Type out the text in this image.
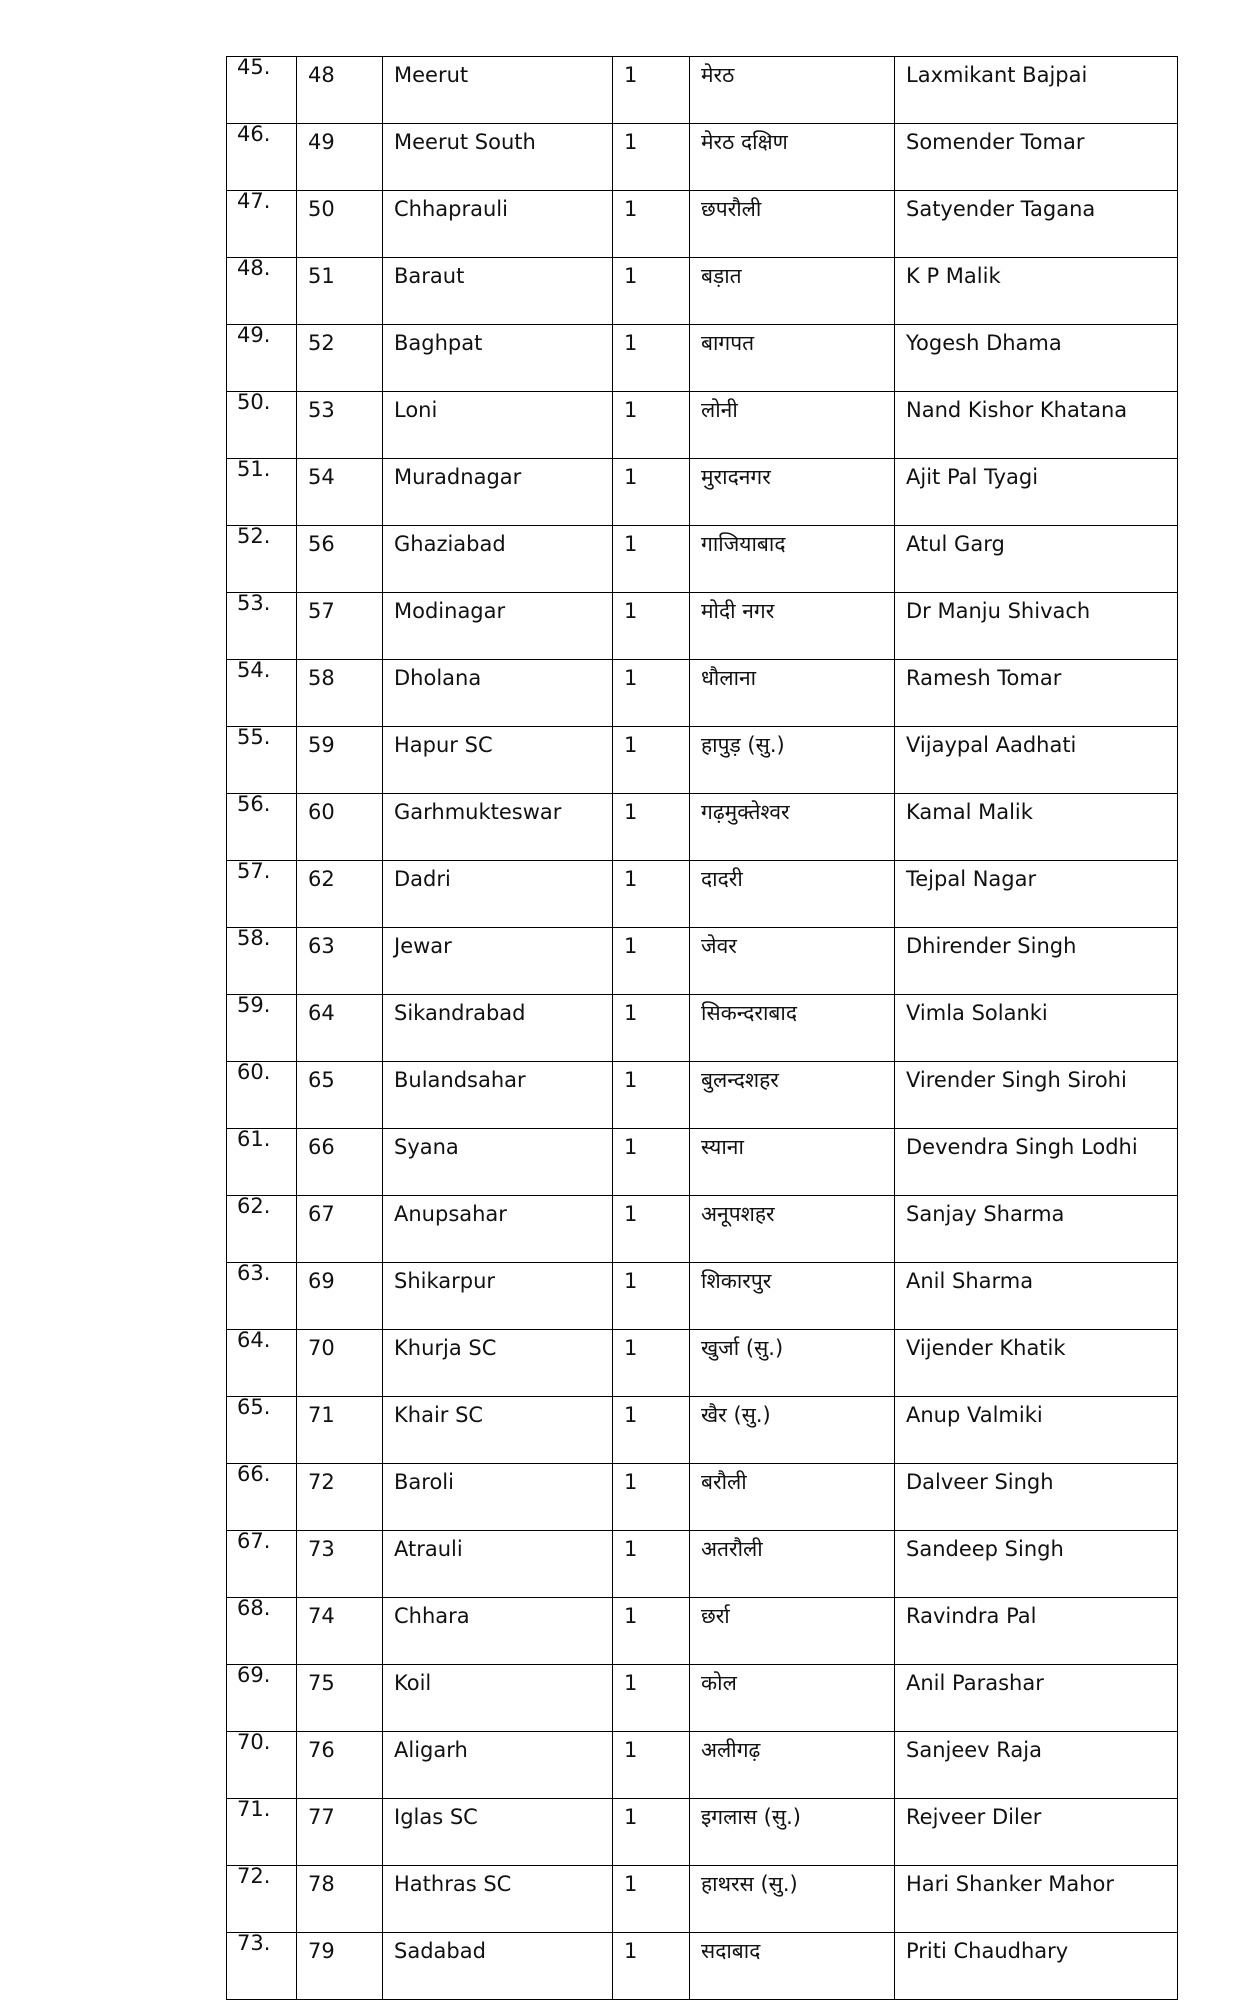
45.	48	Meerut	1	मेरठ	Laxmikant Bajpai
46.	49	Meerut South	1	मेरठ दक्षिण	Somender Tomar
47.	50	Chhaprauli	1	छपरौली	Satyender Tagana
48.	51	Baraut	1	बड़ात	K P Malik
49.	52	Baghpat	1	बागपत	Yogesh Dhama
50.	53	Loni	1	लोनी	Nand Kishor Khatana
51.	54	Muradnagar	1	मुरादनगर	Ajit Pal Tyagi
52.	56	Ghaziabad	1	गाजियाबाद	Atul Garg
53.	57	Modinagar	1	मोदी नगर	Dr Manju Shivach
54.	58	Dholana	1	धौलाना	Ramesh Tomar
55.	59	Hapur SC	1	हापुड़ (सु.)	Vijaypal Aadhati
56.	60	Garhmukteswar	1	गढ़मुक्तेश्वर	Kamal Malik
57.	62	Dadri	1	दादरी	Tejpal Nagar
58.	63	Jewar	1	जेवर	Dhirender Singh
59.	64	Sikandrabad	1	सिकन्दराबाद	Vimla Solanki
60.	65	Bulandsahar	1	बुलन्दशहर	Virender Singh Sirohi
61.	66	Syana	1	स्याना	Devendra Singh Lodhi
62.	67	Anupsahar	1	अनूपशहर	Sanjay Sharma
63.	69	Shikarpur	1	शिकारपुर	Anil Sharma
64.	70	Khurja SC	1	खुर्जा (सु.)	Vijender Khatik
65.	71	Khair SC	1	खैर (सु.)	Anup Valmiki
66.	72	Baroli	1	बरौली	Dalveer Singh
67.	73	Atrauli	1	अतरौली	Sandeep Singh
68.	74	Chhara	1	छर्रा	Ravindra Pal
69.	75	Koil	1	कोल	Anil Parashar
70.	76	Aligarh	1	अलीगढ़	Sanjeev Raja
71.	77	Iglas SC	1	इगलास (सु.)	Rejveer Diler
72.	78	Hathras SC	1	हाथरस (सु.)	Hari Shanker Mahor
73.	79	Sadabad	1	सदाबाद	Priti Chaudhary
